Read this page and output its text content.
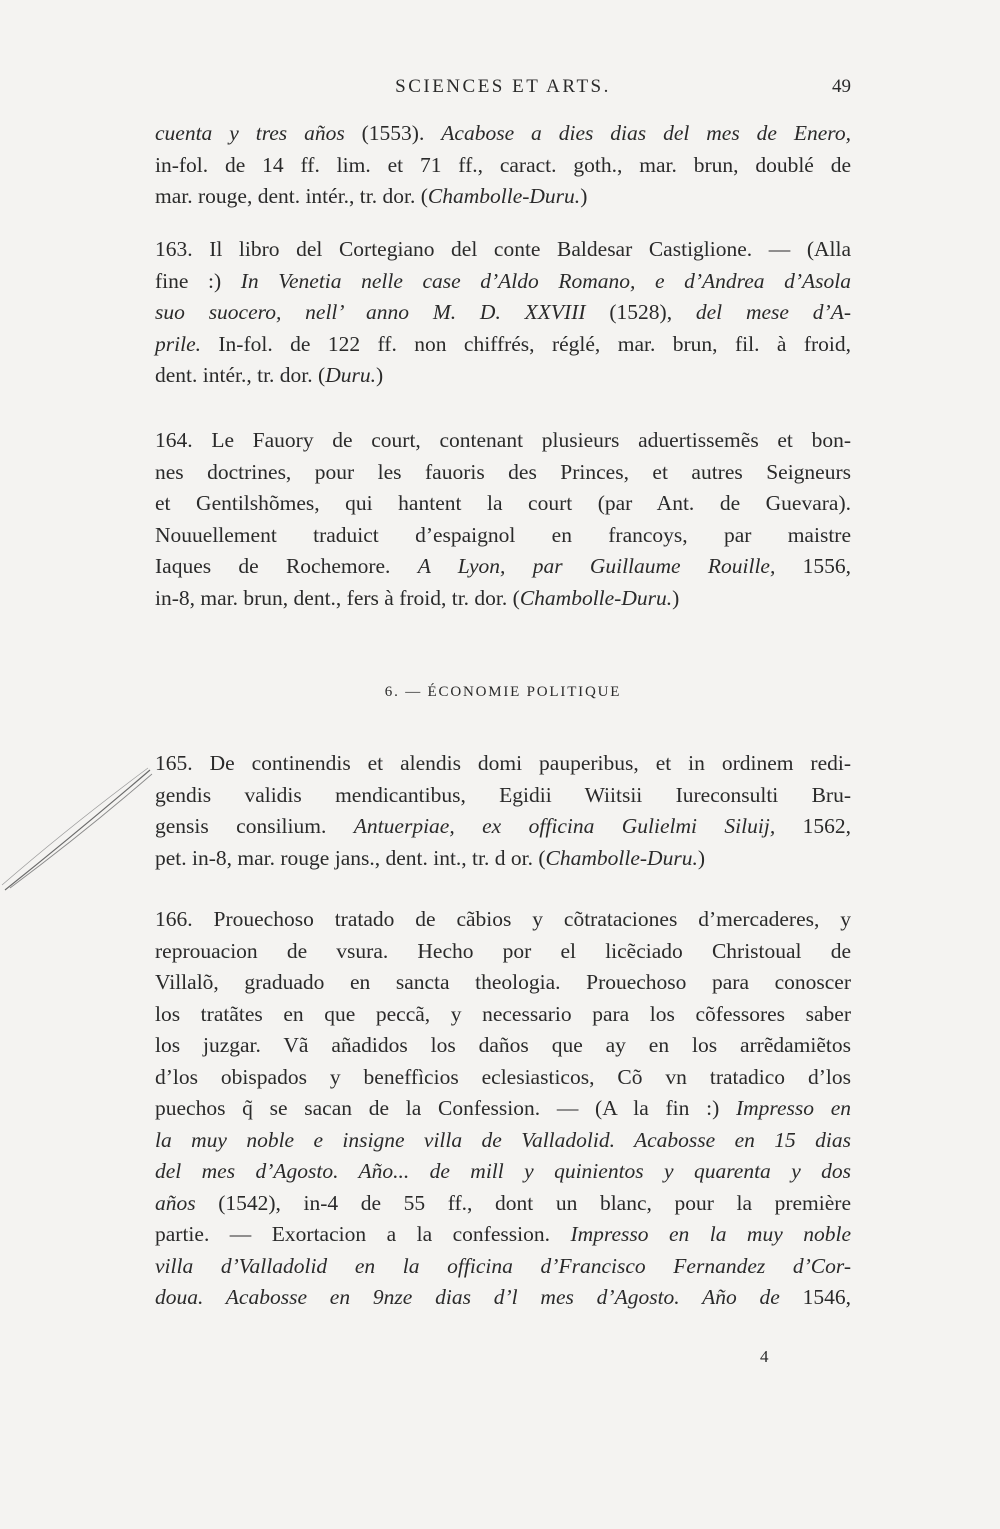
SCIENCES ET ARTS.	49
cuenta y tres años (1553). Acabose a dies dias del mes de Enero,
in-fol. de 14 ff. lim. et 71 ff., caract. goth., mar. brun, doublé de
mar. rouge, dent. intér., tr. dor. (Chambolle-Duru.)
163. Il libro del Cortegiano del conte Baldesar Castiglione. — (Alla
fine :) In Venetia nelle case d’Aldo Romano, e d’Andrea d’Asola
suo suocero, nell’ anno M. D. XXVIII (1528), del mese d’A-
prile. In-fol. de 122 ff. non chiffrés, réglé, mar. brun, fil. à froid,
dent. intér., tr. dor. (Duru.)
164. Le Fauory de court, contenant plusieurs aduertissemẽs et bon-
nes doctrines, pour les fauoris des Princes, et autres Seigneurs
et Gentilshõmes, qui hantent la court (par Ant. de Guevara).
Nouuellement traduict d’espaignol en francoys, par maistre
Iaques de Rochemore. A Lyon, par Guillaume Rouille, 1556,
in-8, mar. brun, dent., fers à froid, tr. dor. (Chambolle-Duru.)
6. — ÉCONOMIE POLITIQUE
165. De continendis et alendis domi pauperibus, et in ordinem redi-
gendis validis mendicantibus, Egidii Wiitsii Iureconsulti Bru-
gensis consilium. Antuerpiae, ex officina Gulielmi Siluij, 1562,
pet. in-8, mar. rouge jans., dent. int., tr. d or. (Chambolle-Duru.)
166. Prouechoso tratado de cãbios y cõtrataciones d’mercaderes, y
reprouacion de vsura. Hecho por el licẽciado Christoual de
Villalõ, graduado en sancta theologia. Prouechoso para conoscer
los tratãtes en que peccã, y necessario para los cõfessores saber
los juzgar. Vã añadidos los daños que ay en los arrẽdamiẽtos
d’los obispados y beneffìcios eclesiasticos, Cõ vn tratadico d’los
puechos q̃ se sacan de la Confession. — (A la fin :) Impresso en
la muy noble e insigne villa de Valladolid. Acabosse en 15 dias
del mes d’Agosto. Año... de mill y quinientos y quarenta y dos
años (1542), in-4 de 55 ff., dont un blanc, pour la première
partie. — Exortacion a la confession. Impresso en la muy noble
villa d’Valladolid en la officina d’Francisco Fernandez d’Cor-
doua. Acabosse en 9nze dias d’l mes d’Agosto. Año de 1546,
4
